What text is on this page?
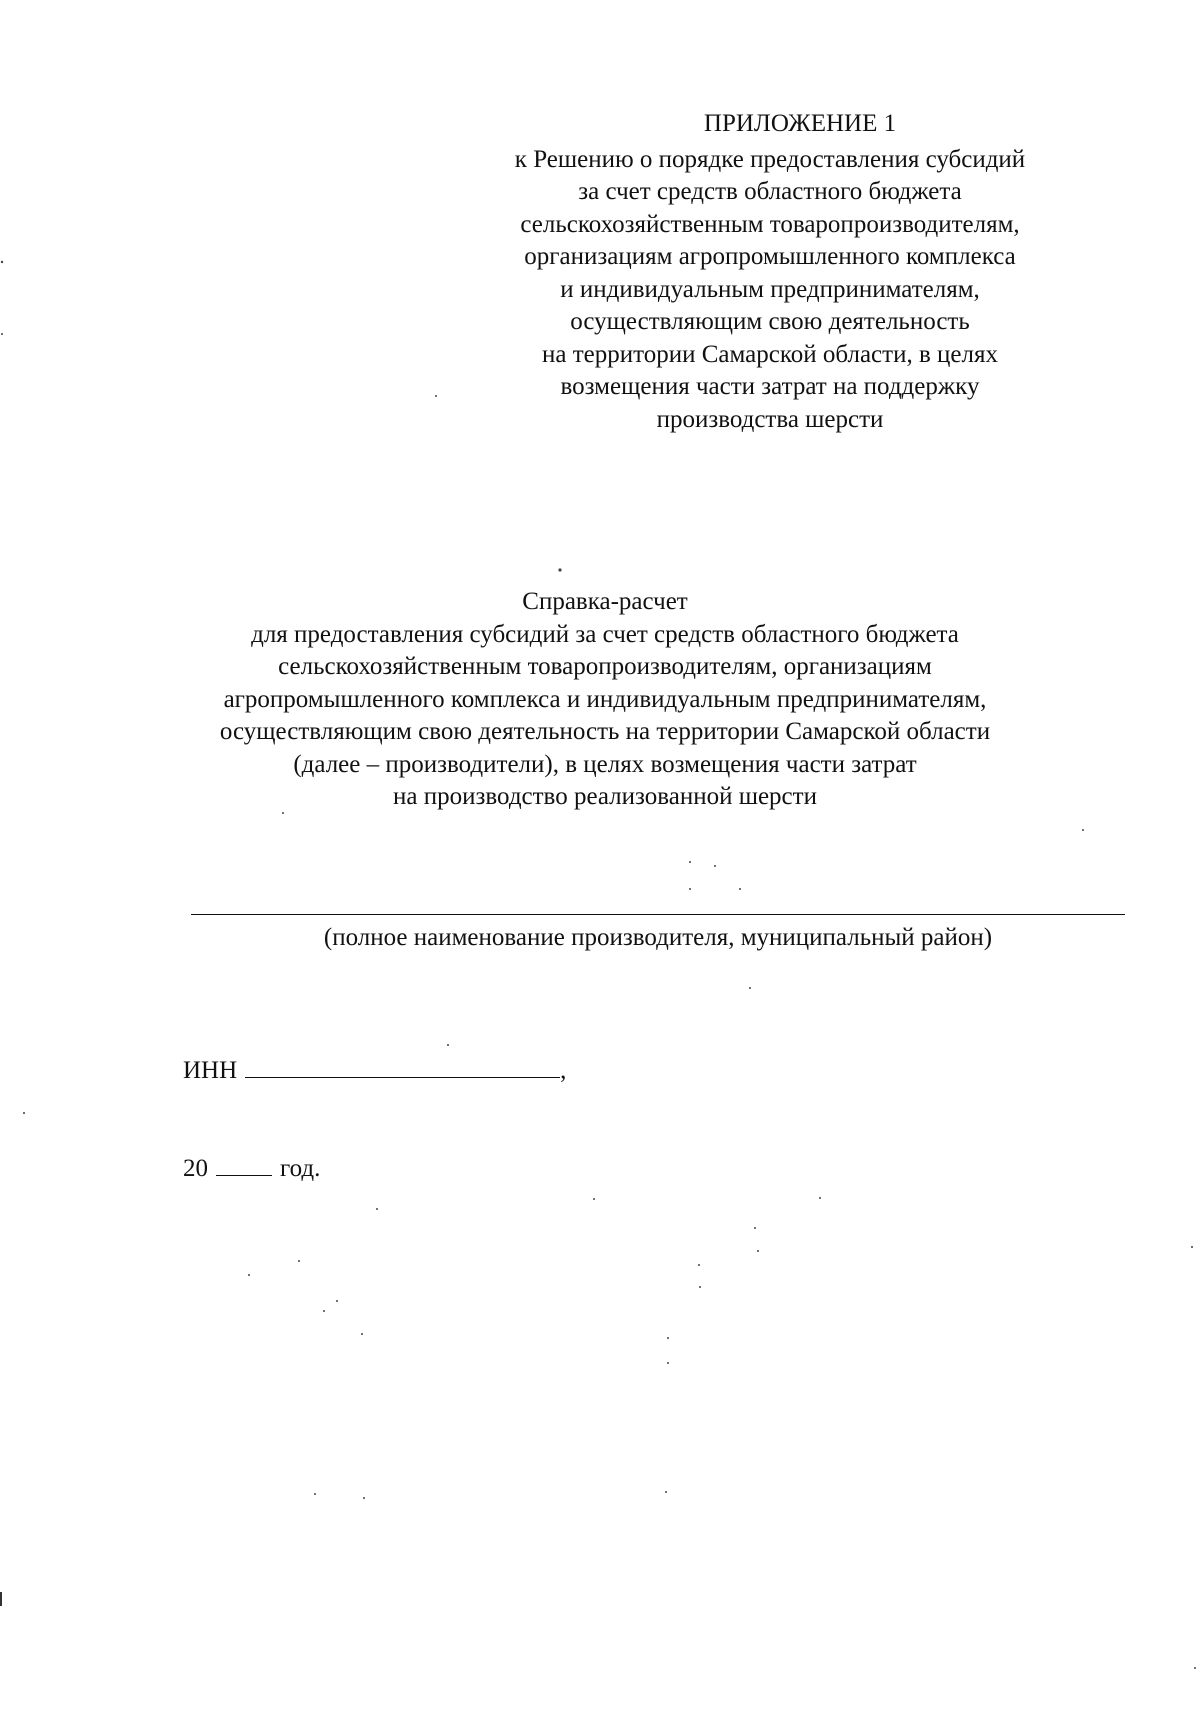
ПРИЛОЖЕНИЕ 1
к Решению о порядке предоставления субсидий
за счет средств областного бюджета
сельскохозяйственным товаропроизводителям,
организациям агропромышленного комплекса
и индивидуальным предпринимателям,
осуществляющим свою деятельность
на территории Самарской области, в целях
возмещения части затрат на поддержку
производства шерсти
Справка-расчет
для предоставления субсидий за счет средств областного бюджета
сельскохозяйственным товаропроизводителям, организациям
агропромышленного комплекса и индивидуальным предпринимателям,
осуществляющим свою деятельность на территории Самарской области
(далее – производители), в целях возмещения части затрат
на производство реализованной шерсти
(полное наименование производителя, муниципальный район)
ИНН	,
20	год.
